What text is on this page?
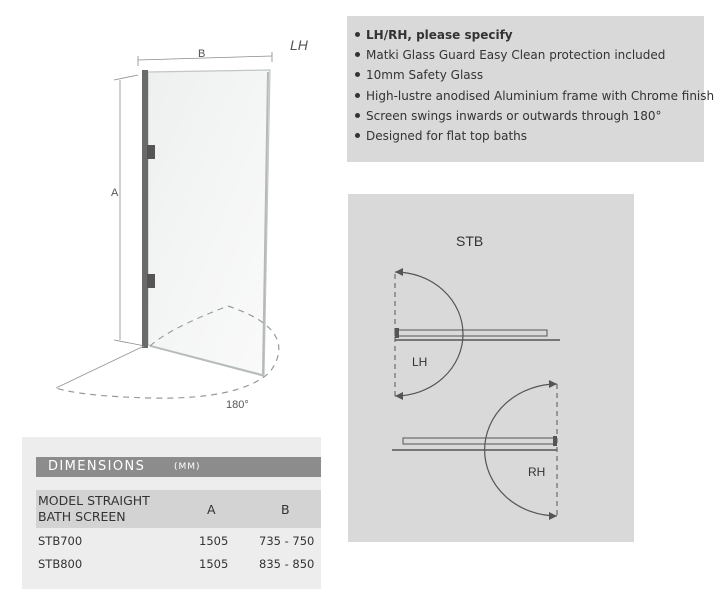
B
A
LH
180°
LH/RH, please specify
Matki Glass Guard Easy Clean protection included
10mm Safety Glass
High-lustre anodised Aluminium frame with Chrome finish
Screen swings inwards or outwards through 180°
Designed for flat top baths
STB
LH
RH
DIMENSIONS	(MM)
MODEL STRAIGHT
BATH SCREEN	A	B
STB700	1505	735 - 750
STB800	1505	835 - 850
